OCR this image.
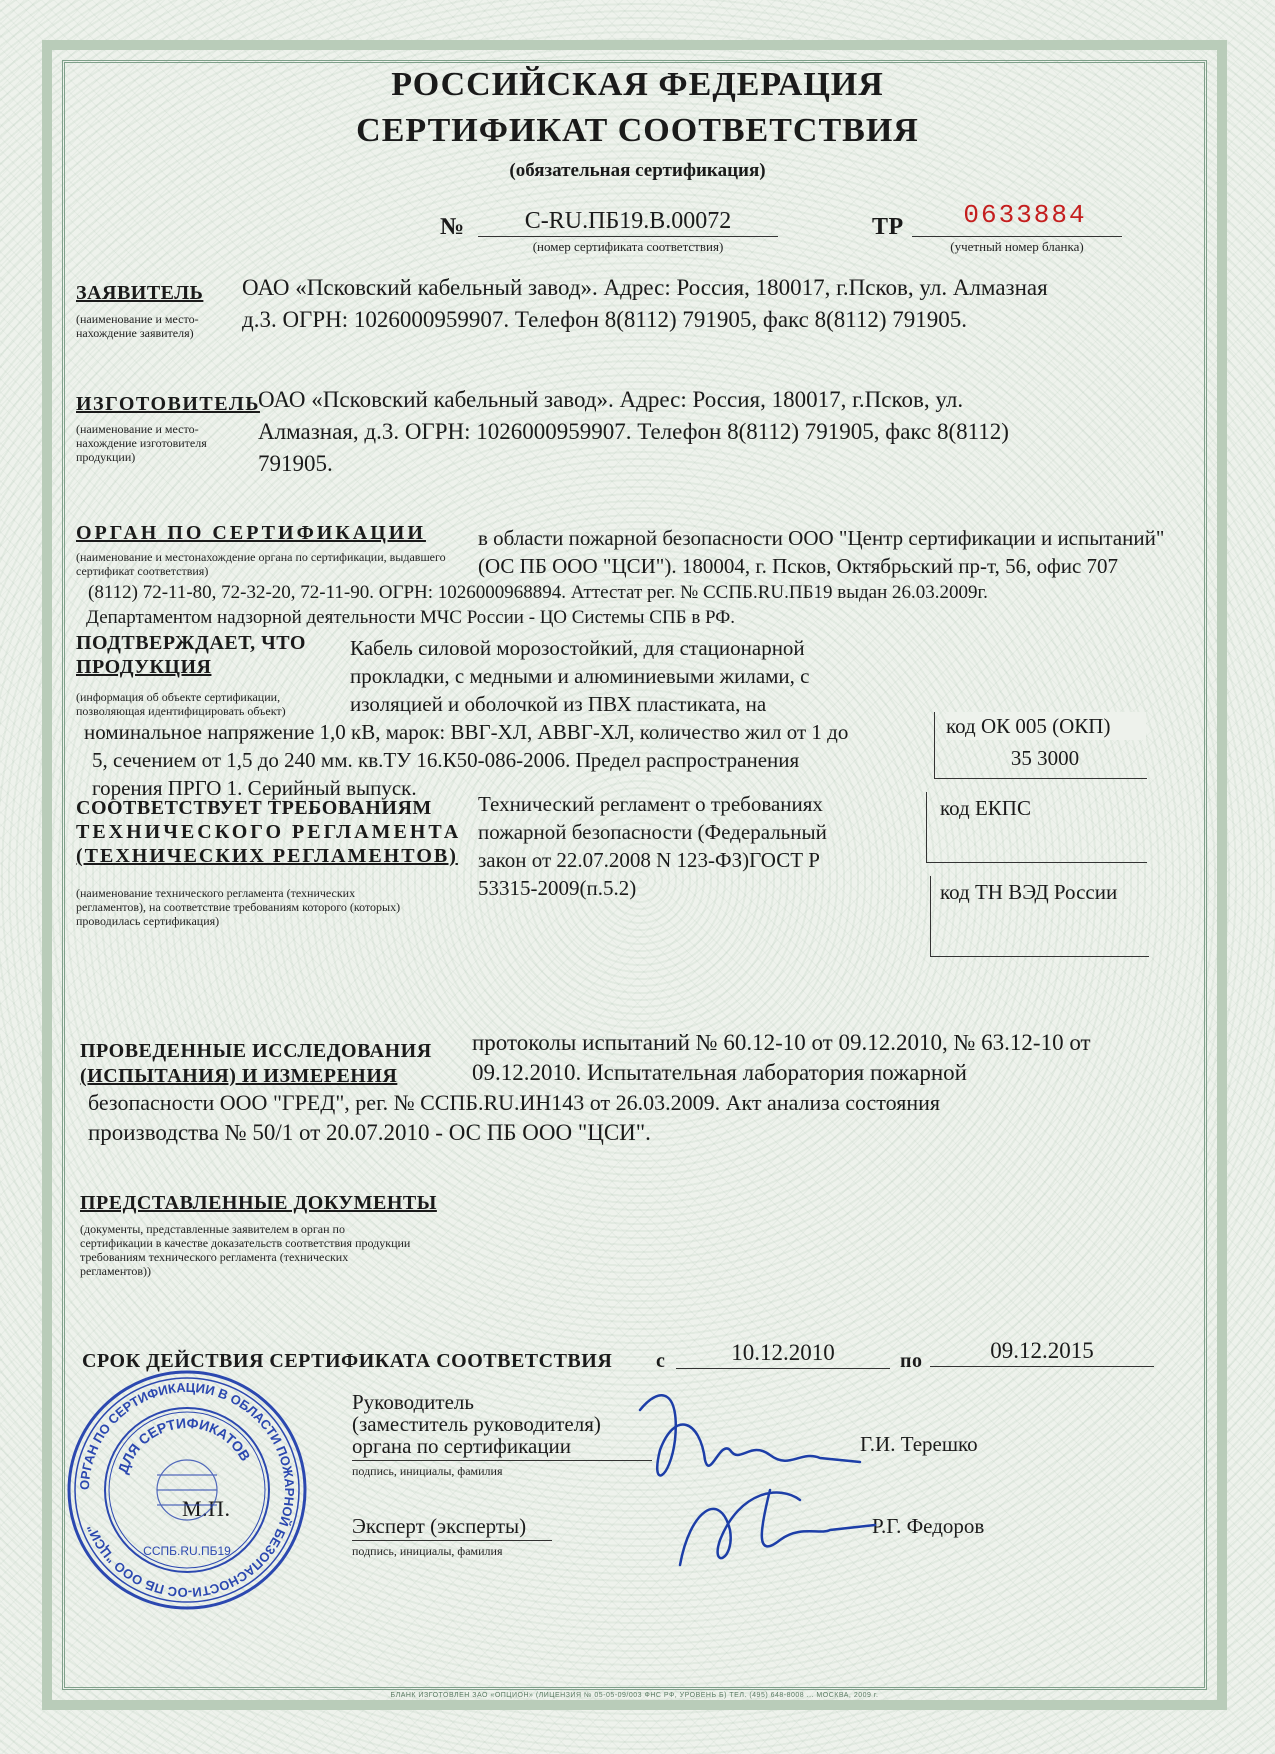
РОССИЙСКАЯ ФЕДЕРАЦИЯ
СЕРТИФИКАТ СООТВЕТСТВИЯ
(обязательная сертификация)
№	C-RU.ПБ19.B.00072
(номер сертификата соответствия)
ТР	0633884
(учетный номер бланка)
ЗАЯВИТЕЛЬ
(наименование и место-нахождение заявителя)
ОАО «Псковский кабельный завод». Адрес: Россия, 180017, г.Псков, ул. Алмазная
д.3. ОГРН: 1026000959907. Телефон 8(8112) 791905, факс 8(8112) 791905.
ИЗГОТОВИТЕЛЬ
(наименование и место-нахождение изготовителя продукции)
ОАО «Псковский кабельный завод». Адрес: Россия, 180017, г.Псков, ул.
Алмазная, д.3. ОГРН: 1026000959907. Телефон 8(8112) 791905, факс 8(8112)
791905.
ОРГАН ПО СЕРТИФИКАЦИИ
(наименование и местонахождение органа по сертификации, выдавшего сертификат соответствия)
в области пожарной безопасности ООО "Центр сертификации и испытаний"
(ОС ПБ ООО "ЦСИ"). 180004, г. Псков, Октябрьский пр-т, 56, офис 707
(8112) 72-11-80, 72-32-20, 72-11-90. ОГРН: 1026000968894. Аттестат рег. № ССПБ.RU.ПБ19 выдан 26.03.2009г.
Департаментом надзорной деятельности МЧС России - ЦО Системы СПБ в РФ.
ПОДТВЕРЖДАЕТ, ЧТО
ПРОДУКЦИЯ
(информация об объекте сертификации, позволяющая идентифицировать объект)
Кабель силовой морозостойкий, для стационарной
прокладки, с медными и алюминиевыми жилами, с
изоляцией и оболочкой из ПВХ пластиката, на
номинальное напряжение 1,0 кВ, марок: ВВГ-ХЛ, АВВГ-ХЛ, количество жил от 1 до
5, сечением от 1,5 до 240 мм. кв.ТУ 16.К50-086-2006. Предел распространения
горения ПРГО 1. Серийный выпуск.
код ОК 005 (ОКП)
35 3000
СООТВЕТСТВУЕТ ТРЕБОВАНИЯМ
ТЕХНИЧЕСКОГО РЕГЛАМЕНТА
(ТЕХНИЧЕСКИХ РЕГЛАМЕНТОВ)
(наименование технического регламента (технических регламентов), на соответствие требованиям которого (которых) проводилась сертификация)
Технический регламент о требованиях
пожарной безопасности (Федеральный
закон от 22.07.2008 N 123-ФЗ)ГОСТ Р
53315-2009(п.5.2)
код ЕКПС
код ТН ВЭД России
ПРОВЕДЕННЫЕ ИССЛЕДОВАНИЯ
(ИСПЫТАНИЯ) И ИЗМЕРЕНИЯ
протоколы испытаний № 60.12-10 от 09.12.2010, № 63.12-10 от
09.12.2010. Испытательная лаборатория пожарной
безопасности ООО "ГРЕД", рег. № ССПБ.RU.ИН143 от 26.03.2009. Акт анализа состояния
производства № 50/1 от 20.07.2010 - ОС ПБ ООО "ЦСИ".
ПРЕДСТАВЛЕННЫЕ ДОКУМЕНТЫ
(документы, представленные заявителем в орган по сертификации в качестве доказательств соответствия продукции требованиям технического регламента (технических регламентов))
СРОК ДЕЙСТВИЯ СЕРТИФИКАТА СООТВЕТСТВИЯ с	10.12.2010	по	09.12.2015
Руководитель
(заместитель руководителя)
органа по сертификации
подпись, инициалы, фамилия
Г.И. Терешко
М.П.
Эксперт (эксперты)
подпись, инициалы, фамилия
Р.Г. Федоров
ОРГАН ПО СЕРТИФИКАЦИИ В ОБЛАСТИ ПОЖАРНОЙ БЕЗОПАСНОСТИ-ОС ПБ ООО "ЦСИ"
ДЛЯ СЕРТИФИКАТОВ
ССПБ.RU.ПБ19
БЛАНК ИЗГОТОВЛЕН ЗАО «ОПЦИОН» (ЛИЦЕНЗИЯ № 05-05-09/003 ФНС РФ, УРОВЕНЬ Б) ТЕЛ. (495) 648-8008 ... МОСКВА, 2009 г.
